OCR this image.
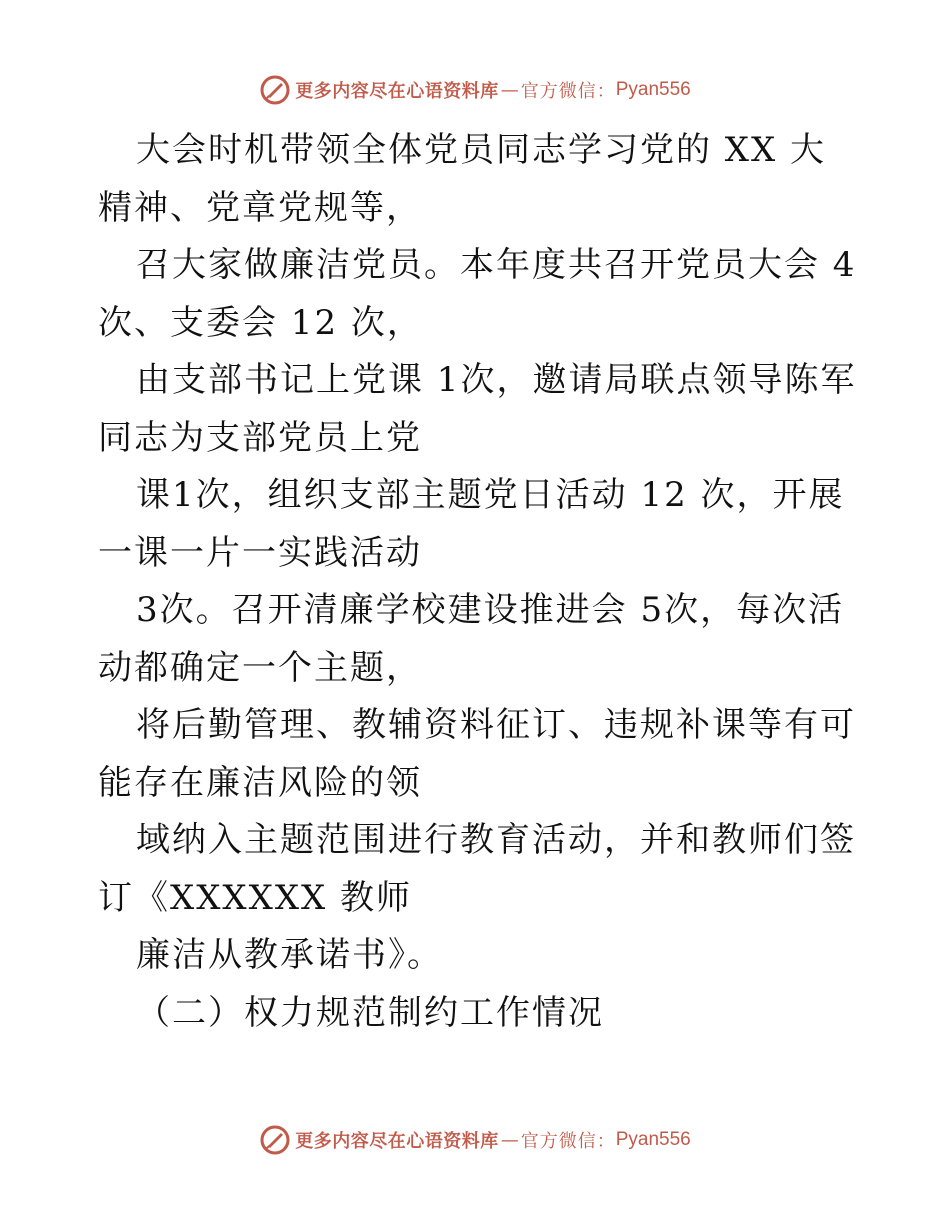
更多内容尽在心语资料库 — 官方微信： Pyan556

大会时机带领全体党员同志学习党的 XX 大精神、党章党规等，

召大家做廉洁党员。本年度共召开党员大会 4 次、支委会 12 次，

由支部书记上党课 1次，邀请局联点领导陈军同志为支部党员上党

课1次，组织支部主题党日活动 12 次，开展一课一片一实践活动

3次。召开清廉学校建设推进会 5次，每次活动都确定一个主题，

将后勤管理、教辅资料征订、违规补课等有可能存在廉洁风险的领

域纳入主题范围进行教育活动，并和教师们签订《XXXXXX 教师

廉洁从教承诺书》。

（二）权力规范制约工作情况

更多内容尽在心语资料库 — 官方微信： Pyan556
